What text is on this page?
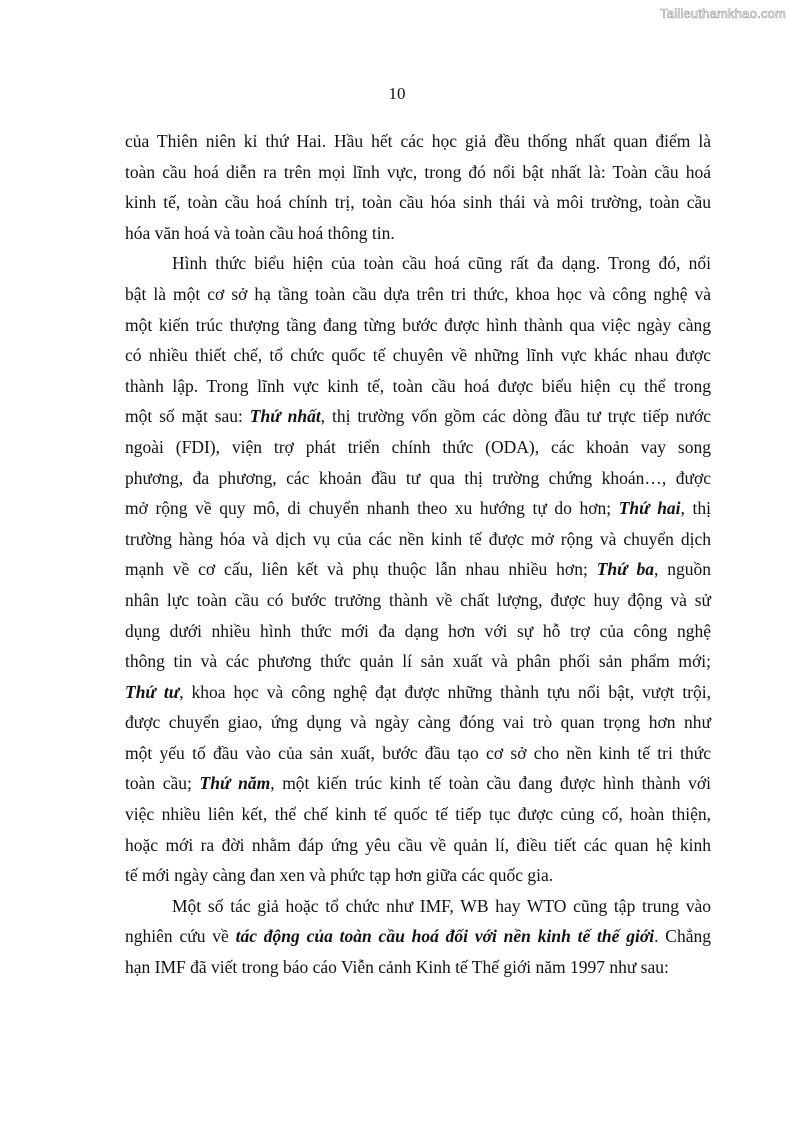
Tailieuthamkhao.com
10
của Thiên niên kỉ thứ Hai. Hầu hết các học giả đều thống nhất quan điểm là
toàn cầu hoá diễn ra trên mọi lĩnh vực, trong đó nổi bật nhất là: Toàn cầu hoá
kinh tế, toàn cầu hoá chính trị, toàn cầu hóa sinh thái và môi trường, toàn cầu
hóa văn hoá và toàn cầu hoá thông tin.
Hình thức biểu hiện của toàn cầu hoá cũng rất đa dạng. Trong đó, nổi
bật là một cơ sở hạ tầng toàn cầu dựa trên tri thức, khoa học và công nghệ và
một kiến trúc thượng tầng đang từng bước được hình thành qua việc ngày càng
có nhiều thiết chế, tổ chức quốc tế chuyên về những lĩnh vực khác nhau được
thành lập. Trong lĩnh vực kinh tế, toàn cầu hoá được biểu hiện cụ thể trong
một số mặt sau: Thứ nhất, thị trường vốn gồm các dòng đầu tư trực tiếp nước
ngoài (FDI), viện trợ phát triển chính thức (ODA), các khoản vay song
phương, đa phương, các khoản đầu tư qua thị trường chứng khoán…, được
mở rộng về quy mô, di chuyển nhanh theo xu hướng tự do hơn; Thứ hai, thị
trường hàng hóa và dịch vụ của các nền kinh tế được mở rộng và chuyển dịch
mạnh về cơ cấu, liên kết và phụ thuộc lẫn nhau nhiều hơn; Thứ ba, nguồn
nhân lực toàn cầu có bước trưởng thành về chất lượng, được huy động và sử
dụng dưới nhiều hình thức mới đa dạng hơn với sự hỗ trợ của công nghệ
thông tin và các phương thức quản lí sản xuất và phân phối sản phẩm mới;
Thứ tư, khoa học và công nghệ đạt được những thành tựu nổi bật, vượt trội,
được chuyển giao, ứng dụng và ngày càng đóng vai trò quan trọng hơn như
một yếu tố đầu vào của sản xuất, bước đầu tạo cơ sở cho nền kinh tế tri thức
toàn cầu; Thứ năm, một kiến trúc kinh tế toàn cầu đang được hình thành với
việc nhiều liên kết, thể chế kinh tế quốc tế tiếp tục được củng cố, hoàn thiện,
hoặc mới ra đời nhằm đáp ứng yêu cầu về quản lí, điều tiết các quan hệ kinh
tế mới ngày càng đan xen và phức tạp hơn giữa các quốc gia.
Một số tác giả hoặc tổ chức như IMF, WB hay WTO cũng tập trung vào
nghiên cứu về tác động của toàn cầu hoá đối với nền kinh tế thế giới. Chẳng
hạn IMF đã viết trong báo cáo Viễn cảnh Kinh tế Thế giới năm 1997 như sau:
